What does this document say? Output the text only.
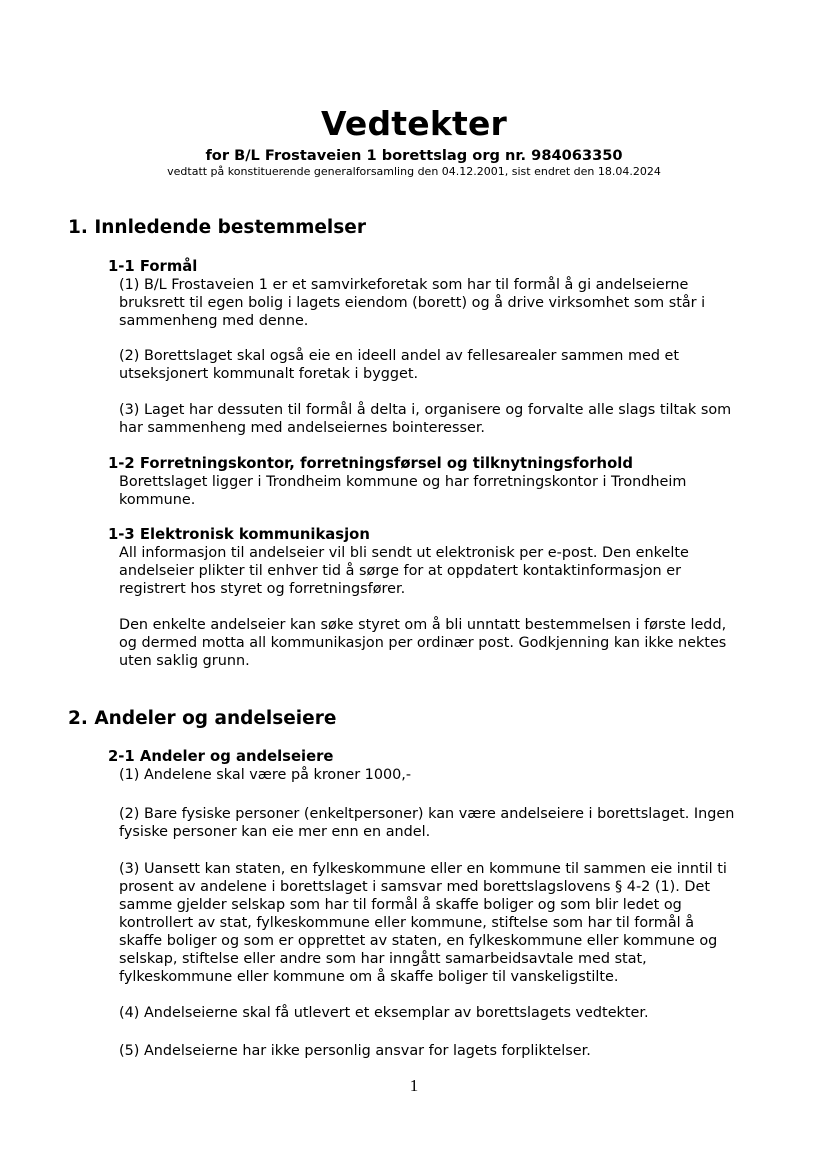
Vedtekter
for B/L Frostaveien 1 borettslag org nr. 984063350
vedtatt på konstituerende generalforsamling den 04.12.2001, sist endret den 18.04.2024
1. Innledende bestemmelser
1-1 Formål
(1) B/L Frostaveien 1 er et samvirkeforetak som har til formål å gi andelseierne
bruksrett til egen bolig i lagets eiendom (borett) og å drive virksomhet som står i
sammenheng med denne.
(2) Borettslaget skal også eie en ideell andel av fellesarealer sammen med et
utseksjonert kommunalt foretak i bygget.
(3) Laget har dessuten til formål å delta i, organisere og forvalte alle slags tiltak som
har sammenheng med andelseiernes bointeresser.
1-2 Forretningskontor, forretningsførsel og tilknytningsforhold
Borettslaget ligger i Trondheim kommune og har forretningskontor i Trondheim
kommune.
1-3 Elektronisk kommunikasjon
All informasjon til andelseier vil bli sendt ut elektronisk per e-post. Den enkelte
andelseier plikter til enhver tid å sørge for at oppdatert kontaktinformasjon er
registrert hos styret og forretningsfører.
Den enkelte andelseier kan søke styret om å bli unntatt bestemmelsen i første ledd,
og dermed motta all kommunikasjon per ordinær post. Godkjenning kan ikke nektes
uten saklig grunn.
2. Andeler og andelseiere
2-1 Andeler og andelseiere
(1) Andelene skal være på kroner 1000,-
(2) Bare fysiske personer (enkeltpersoner) kan være andelseiere i borettslaget. Ingen
fysiske personer kan eie mer enn en andel.
(3) Uansett kan staten, en fylkeskommune eller en kommune til sammen eie inntil ti
prosent av andelene i borettslaget i samsvar med borettslagslovens § 4-2 (1). Det
samme gjelder selskap som har til formål å skaffe boliger og som blir ledet og
kontrollert av stat, fylkeskommune eller kommune, stiftelse som har til formål å
skaffe boliger og som er opprettet av staten, en fylkeskommune eller kommune og
selskap, stiftelse eller andre som har inngått samarbeidsavtale med stat,
fylkeskommune eller kommune om å skaffe boliger til vanskeligstilte.
(4) Andelseierne skal få utlevert et eksemplar av borettslagets vedtekter.
(5) Andelseierne har ikke personlig ansvar for lagets forpliktelser.
1
